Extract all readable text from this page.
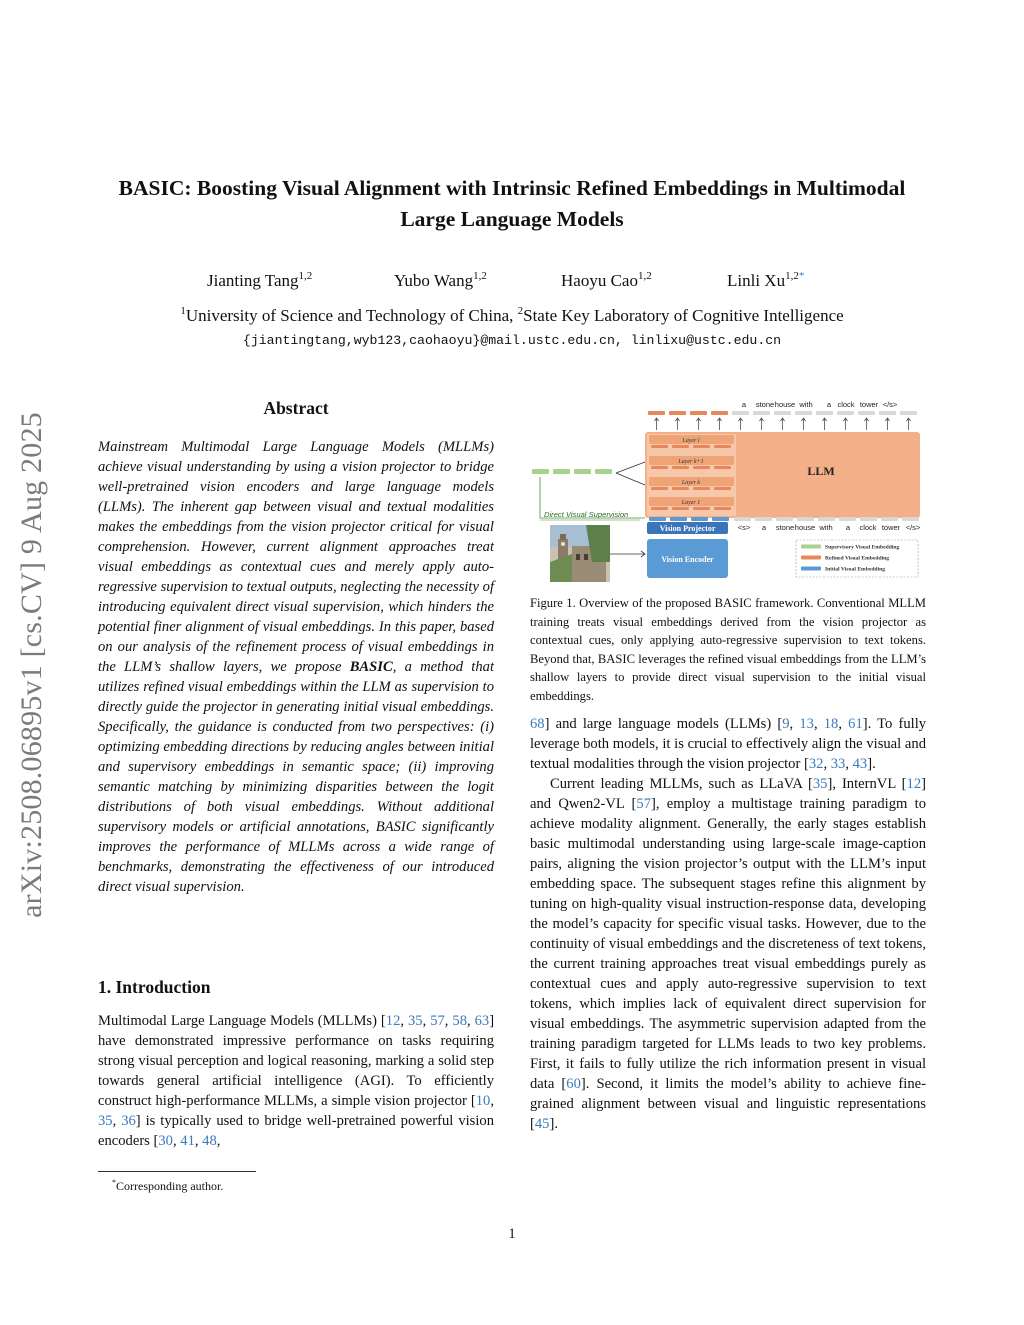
BASIC: Boosting Visual Alignment with Intrinsic Refined Embeddings in Multimodal Large Language Models
Jianting Tang$^{1,2}$	Yubo Wang$^{1,2}$	Haoyu Cao$^{1,2}$	Linli $Xu^{1,2*}$
$^1$University of Science and Technology of China, $^2$State Key Laboratory of Cognitive Intelligence
{jiantingtang,wyb123,caohaoyu}@mail.ustc.edu.cn, linlixu@ustc.edu.cn
arXiv:2508.06895v1 [cs.CV] 9 Aug 2025
Abstract
Mainstream Multimodal Large Language Models (MLLMs) achieve visual understanding by using a vision projector to bridge well-pretrained vision encoders and large language models (LLMs). The inherent gap between visual and textual modalities makes the embeddings from the vision projector critical for visual comprehension. However, current alignment approaches treat visual embeddings as contextual cues and merely apply auto-regressive supervision to textual outputs, neglecting the necessity of introducing equivalent direct visual supervision, which hinders the potential finer alignment of visual embeddings. In this paper, based on our analysis of the refinement process of visual embeddings in the LLM’s shallow layers, we propose BASIC, a method that utilizes refined visual embeddings within the LLM as supervision to directly guide the projector in generating initial visual embeddings. Specifically, the guidance is conducted from two perspectives: (i) optimizing embedding directions by reducing angles between initial and supervisory embeddings in semantic space; (ii) improving semantic matching by minimizing disparities between the logit distributions of both visual embeddings. Without additional supervisory models or artificial annotations, BASIC significantly improves the performance of MLLMs across a wide range of benchmarks, demonstrating the effectiveness of our introduced direct visual supervision.
1. Introduction
Multimodal Large Language Models (MLLMs) [12, 35, 57, 58, 63] have demonstrated impressive performance on tasks requiring strong visual perception and logical reasoning, marking a solid step towards general artificial intelligence (AGI). To efficiently construct high-performance MLLMs, a simple vision projector [10, 35, 36] is typically used to bridge well-pretrained powerful vision encoders [30, 41, 48,
*Corresponding author.
a stone house with a clock tower </s>
LLM
Layer l
Layer k+1
Layer k
Layer 1
Direct Visual Supervision
<s> a stone house with a clock tower </s>
Vision Projector
Vision Encoder
Supervisory Visual Embedding
Refined Visual Embedding
Initial Visual Embedding
Figure 1. Overview of the proposed BASIC framework. Conventional MLLM training treats visual embeddings derived from the vision projector as contextual cues, only applying auto-regressive supervision to text tokens. Beyond that, BASIC leverages the refined visual embeddings from the LLM’s shallow layers to provide direct visual supervision to the initial visual embeddings.

68] and large language models (LLMs) [9, 13, 18, 61]. To fully leverage both models, it is crucial to effectively align the visual and textual modalities through the vision projector [32, 33, 43].

Current leading MLLMs, such as LLaVA [35], InternVL [12] and Qwen2-VL [57], employ a multistage training paradigm to achieve modality alignment. Generally, the early stages establish basic multimodal understanding using large-scale image-caption pairs, aligning the vision projector’s output with the LLM’s input embedding space. The subsequent stages refine this alignment by tuning on high-quality visual instruction-response data, developing the model’s capacity for specific visual tasks. However, due to the continuity of visual embeddings and the discreteness of text tokens, the current training approaches treat visual embeddings purely as contextual cues and apply auto-regressive supervision to text tokens, which implies lack of equivalent direct supervision for visual embeddings. The asymmetric supervision adapted from the training paradigm targeted for LLMs leads to two key problems. First, it fails to fully utilize the rich information present in visual data [60]. Second, it limits the model’s ability to achieve fine-grained alignment between visual and linguistic representations [45].

1
